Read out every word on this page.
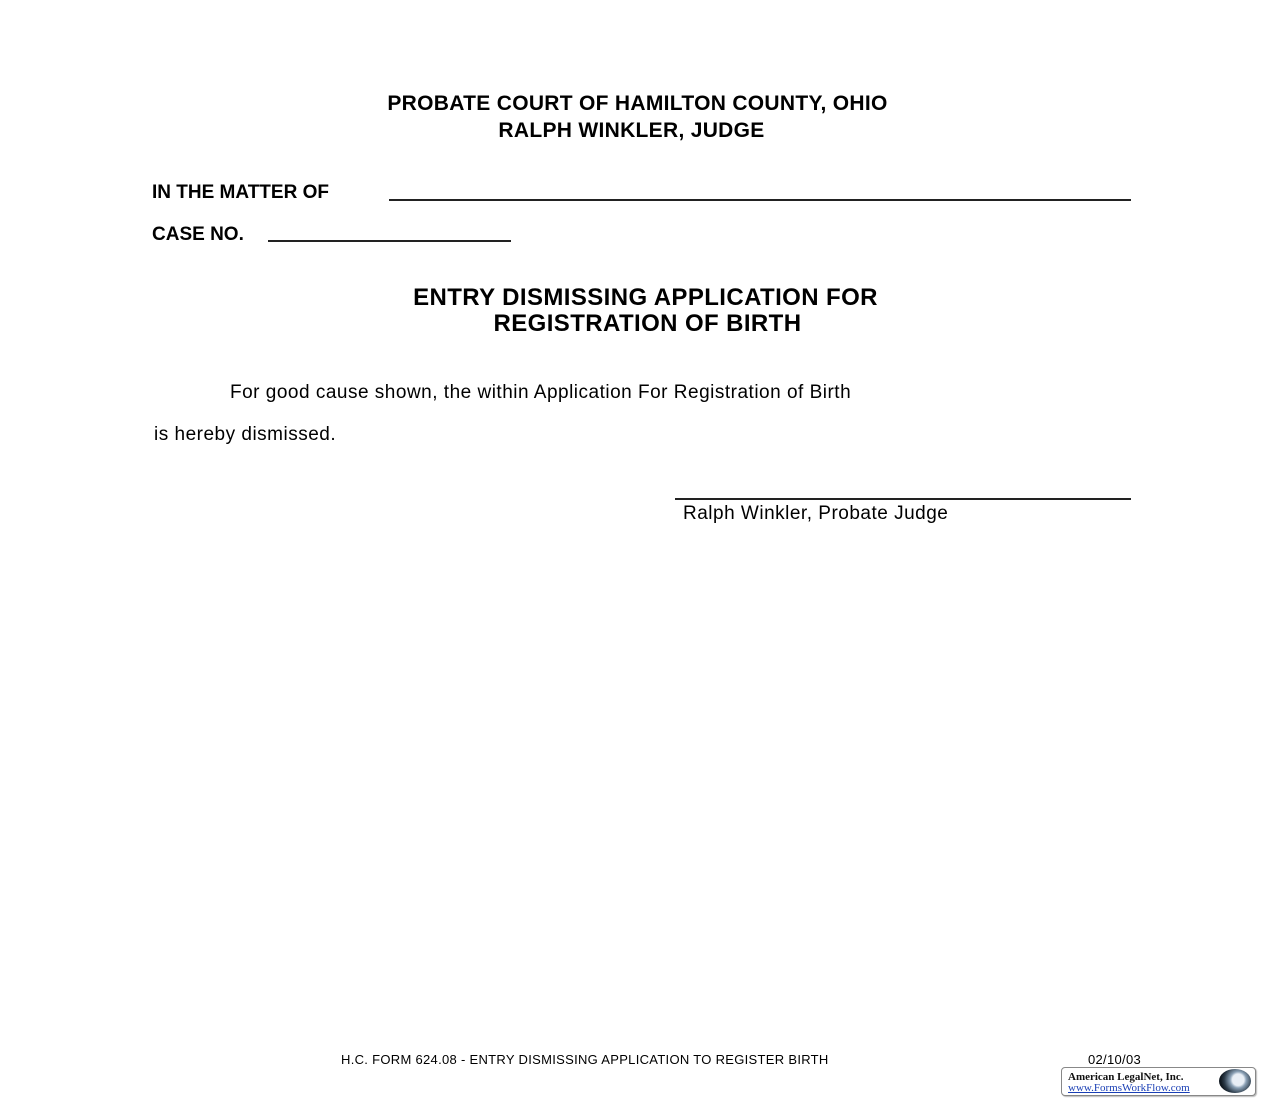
PROBATE COURT OF HAMILTON COUNTY, OHIO
RALPH WINKLER, JUDGE
IN THE MATTER OF
CASE NO.
ENTRY DISMISSING APPLICATION FOR
REGISTRATION OF BIRTH
For good cause shown, the within Application For Registration of Birth
is hereby dismissed.
Ralph Winkler, Probate Judge
H.C. FORM 624.08 - ENTRY DISMISSING APPLICATION TO REGISTER BIRTH	02/10/03
American LegalNet, Inc.
www.FormsWorkFlow.com
